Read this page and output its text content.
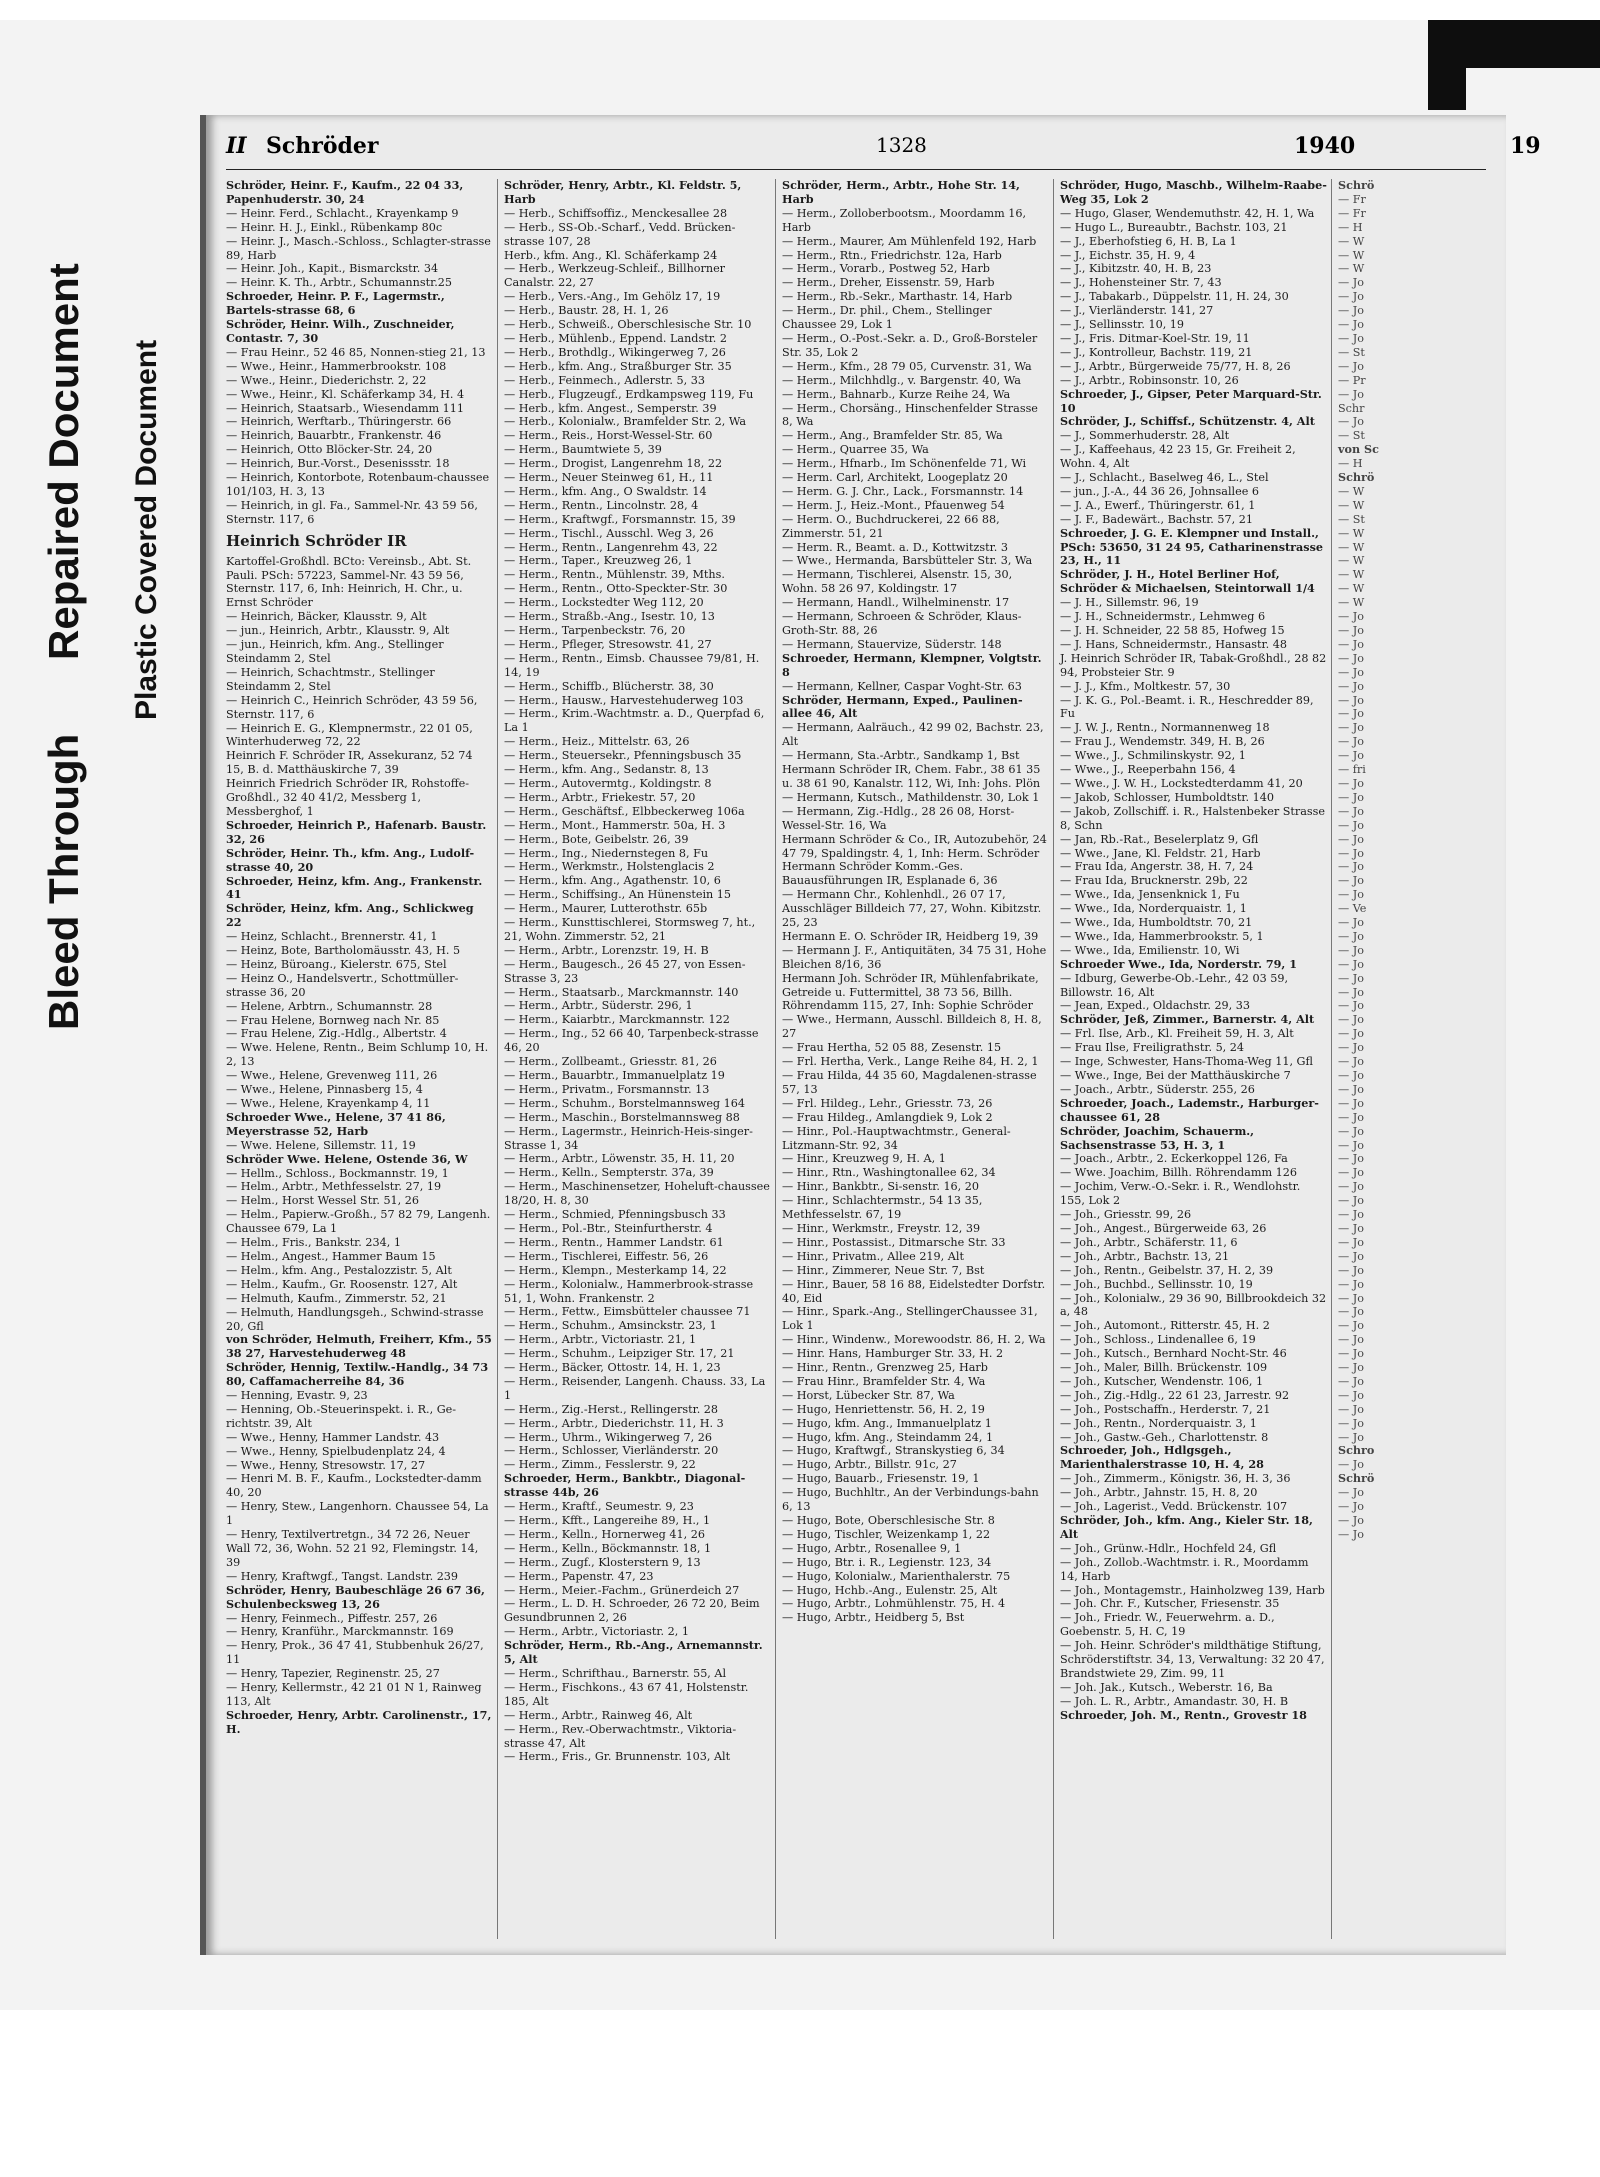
Bleed Through
Repaired Document Plastic Covered Document
II Schröder	1328	1940	19

Schröder, Heinr. F., Kaufm., 22 04 33, Papenhuderstr. 30, 24

— Heinr. Ferd., Schlacht., Krayenkamp 9

— Heinr. H. J., Einkl., Rübenkamp 80c

— Heinr. J., Masch.-Schloss., Schlagter-strasse 89, Harb

— Heinr. Joh., Kapit., Bismarckstr. 34

— Heinr. K. Th., Arbtr., Schumannstr.25

Schroeder, Heinr. P. F., Lagermstr., Bartels-strasse 68, 6

Schröder, Heinr. Wilh., Zuschneider, Contastr. 7, 30

— Frau Heinr., 52 46 85, Nonnen-stieg 21, 13

— Wwe., Heinr., Hammerbrookstr. 108

— Wwe., Heinr., Diederichstr. 2, 22

— Wwe., Heinr., Kl. Schäferkamp 34, H. 4

— Heinrich, Staatsarb., Wiesendamm 111

— Heinrich, Werftarb., Thüringerstr. 66

— Heinrich, Bauarbtr., Frankenstr. 46

— Heinrich, Otto Blöcker-Str. 24, 20

— Heinrich, Bur.-Vorst., Desenissstr. 18

— Heinrich, Kontorbote, Rotenbaum-chaussee 101/103, H. 3, 13

— Heinrich, in gl. Fa., Sammel-Nr. 43 59 56, Sternstr. 117, 6

Heinrich Schröder IR

Kartoffel-Großhdl. BCto: Vereinsb., Abt. St. Pauli. PSch: 57223, Sammel-Nr. 43 59 56, Sternstr. 117, 6, Inh: Heinrich, H. Chr., u. Ernst Schröder

— Heinrich, Bäcker, Klausstr. 9, Alt

— jun., Heinrich, Arbtr., Klausstr. 9, Alt

— jun., Heinrich, kfm. Ang., Stellinger Steindamm 2, Stel

— Heinrich, Schachtmstr., Stellinger Steindamm 2, Stel

— Heinrich C., Heinrich Schröder, 43 59 56, Sternstr. 117, 6

— Heinrich E. G., Klempnermstr., 22 01 05, Winterhuderweg 72, 22

Heinrich F. Schröder IR, Assekuranz, 52 74 15, B. d. Matthäuskirche 7, 39

Heinrich Friedrich Schröder IR, Rohstoffe-Großhdl., 32 40 41/2, Messberg 1, Messberghof, 1

Schroeder, Heinrich P., Hafenarb. Baustr. 32, 26

Schröder, Heinr. Th., kfm. Ang., Ludolf-strasse 40, 20

Schroeder, Heinz, kfm. Ang., Frankenstr. 41

Schröder, Heinz, kfm. Ang., Schlickweg 22

— Heinz, Schlacht., Brennerstr. 41, 1

— Heinz, Bote, Bartholomäusstr. 43, H. 5

— Heinz, Büroang., Kielerstr. 675, Stel

— Heinz O., Handelsvertr., Schottmüller-strasse 36, 20

— Helene, Arbtrn., Schumannstr. 28

— Frau Helene, Bornweg nach Nr. 85

— Frau Helene, Zig.-Hdlg., Albertstr. 4

— Wwe. Helene, Rentn., Beim Schlump 10, H. 2, 13

— Wwe., Helene, Grevenweg 111, 26

— Wwe., Helene, Pinnasberg 15, 4

— Wwe., Helene, Krayenkamp 4, 11

Schroeder Wwe., Helene, 37 41 86, Meyerstrasse 52, Harb

— Wwe. Helene, Sillemstr. 11, 19

Schröder Wwe. Helene, Ostende 36, W

— Hellm., Schloss., Bockmannstr. 19, 1

— Helm., Arbtr., Methfesselstr. 27, 19

— Helm., Horst Wessel Str. 51, 26

— Helm., Papierw.-Großh., 57 82 79, Langenh. Chaussee 679, La 1

— Helm., Fris., Bankstr. 234, 1

— Helm., Angest., Hammer Baum 15

— Helm., kfm. Ang., Pestalozzistr. 5, Alt

— Helm., Kaufm., Gr. Roosenstr. 127, Alt

— Helmuth, Kaufm., Zimmerstr. 52, 21

— Helmuth, Handlungsgeh., Schwind-strasse 20, Gfl

von Schröder, Helmuth, Freiherr, Kfm., 55 38 27, Harvestehuderweg 48

Schröder, Hennig, Textilw.-Handlg., 34 73 80, Caffamacherreihe 84, 36

— Henning, Evastr. 9, 23

— Henning, Ob.-Steuerinspekt. i. R., Ge-richtstr. 39, Alt

— Wwe., Henny, Hammer Landstr. 43

— Wwe., Henny, Spielbudenplatz 24, 4

— Wwe., Henny, Stresowstr. 17, 27

— Henri M. B. F., Kaufm., Lockstedter-damm 40, 20

— Henry, Stew., Langenhorn. Chaussee 54, La 1

— Henry, Textilvertretgn., 34 72 26, Neuer Wall 72, 36, Wohn. 52 21 92, Flemingstr. 14, 39

— Henry, Kraftwgf., Tangst. Landstr. 239

Schröder, Henry, Baubeschläge 26 67 36, Schulenbecksweg 13, 26

— Henry, Feinmech., Piffestr. 257, 26

— Henry, Kranführ., Marckmannstr. 169

— Henry, Prok., 36 47 41, Stubbenhuk 26/27, 11

— Henry, Tapezier, Reginenstr. 25, 27

— Henry, Kellermstr., 42 21 01 N 1, Rainweg 113, Alt

Schroeder, Henry, Arbtr. Carolinenstr., 17, H.

Schröder, Henry, Arbtr., Kl. Feldstr. 5, Harb

— Herb., Schiffsoffiz., Menckesallee 28

— Herb., SS-Ob.-Scharf., Vedd. Brücken-strasse 107, 28

Herb., kfm. Ang., Kl. Schäferkamp 24

— Herb., Werkzeug-Schleif., Billhorner Canalstr. 22, 27

— Herb., Vers.-Ang., Im Gehölz 17, 19

— Herb., Baustr. 28, H. 1, 26

— Herb., Schweiß., Oberschlesische Str. 10

— Herb., Mühlenb., Eppend. Landstr. 2

— Herb., Brothdlg., Wikingerweg 7, 26

— Herb., kfm. Ang., Straßburger Str. 35

— Herb., Feinmech., Adlerstr. 5, 33

— Herb., Flugzeugf., Erdkampsweg 119, Fu

— Herb., kfm. Angest., Semperstr. 39

— Herb., Kolonialw., Bramfelder Str. 2, Wa

— Herm., Reis., Horst-Wessel-Str. 60

— Herm., Baumtwiete 5, 39

— Herm., Drogist, Langenrehm 18, 22

— Herm., Neuer Steinweg 61, H., 11

— Herm., kfm. Ang., O Swaldstr. 14

— Herm., Rentn., Lincolnstr. 28, 4

— Herm., Kraftwgf., Forsmannstr. 15, 39

— Herm., Tischl., Ausschl. Weg 3, 26

— Herm., Rentn., Langenrehm 43, 22

— Herm., Taper., Kreuzweg 26, 1

— Herm., Rentn., Mühlenstr. 39, Mths.

— Herm., Rentn., Otto-Speckter-Str. 30

— Herm., Lockstedter Weg 112, 20

— Herm., Straßb.-Ang., Isestr. 10, 13

— Herm., Tarpenbeckstr. 76, 20

— Herm., Pfleger, Stresowstr. 41, 27

— Herm., Rentn., Eimsb. Chaussee 79/81, H. 14, 19

— Herm., Schiffb., Blücherstr. 38, 30

— Herm., Hausw., Harvestehuderweg 103

— Herm., Krim.-Wachtmstr. a. D., Querpfad 6, La 1

— Herm., Heiz., Mittelstr. 63, 26

— Herm., Steuersekr., Pfenningsbusch 35

— Herm., kfm. Ang., Sedanstr. 8, 13

— Herm., Autovermtg., Koldingstr. 8

— Herm., Arbtr., Friekestr. 57, 20

— Herm., Geschäftsf., Elbbeckerweg 106a

— Herm., Mont., Hammerstr. 50a, H. 3

— Herm., Bote, Geibelstr. 26, 39

— Herm., Ing., Niedernstegen 8, Fu

— Herm., Werkmstr., Holstenglacis 2

— Herm., kfm. Ang., Agathenstr. 10, 6

— Herm., Schiffsing., An Hünenstein 15

— Herm., Maurer, Lutterothstr. 65b

— Herm., Kunsttischlerei, Stormsweg 7, ht., 21, Wohn. Zimmerstr. 52, 21

— Herm., Arbtr., Lorenzstr. 19, H. B

— Herm., Baugesch., 26 45 27, von Essen-Strasse 3, 23

— Herm., Staatsarb., Marckmannstr. 140

— Herm., Arbtr., Süderstr. 296, 1

— Herm., Kaiarbtr., Marckmannstr. 122

— Herm., Ing., 52 66 40, Tarpenbeck-strasse 46, 20

— Herm., Zollbeamt., Griesstr. 81, 26

— Herm., Bauarbtr., Immanuelplatz 19

— Herm., Privatm., Forsmannstr. 13

— Herm., Schuhm., Borstelmannsweg 164

— Herm., Maschin., Borstelmannsweg 88

— Herm., Lagermstr., Heinrich-Heis-singer-Strasse 1, 34

— Herm., Arbtr., Löwenstr. 35, H. 11, 20

— Herm., Kelln., Sempterstr. 37a, 39

— Herm., Maschinensetzer, Hoheluft-chaussee 18/20, H. 8, 30

— Herm., Schmied, Pfenningsbusch 33

— Herm., Pol.-Btr., Steinfurtherstr. 4

— Herm., Rentn., Hammer Landstr. 61

— Herm., Tischlerei, Eiffestr. 56, 26

— Herm., Klempn., Mesterkamp 14, 22

— Herm., Kolonialw., Hammerbrook-strasse 51, 1, Wohn. Frankenstr. 2

— Herm., Fettw., Eimsbütteler chaussee 71

— Herm., Schuhm., Amsinckstr. 23, 1

— Herm., Arbtr., Victoriastr. 21, 1

— Herm., Schuhm., Leipziger Str. 17, 21

— Herm., Bäcker, Ottostr. 14, H. 1, 23

— Herm., Reisender, Langenh. Chauss. 33, La 1

— Herm., Zig.-Herst., Rellingerstr. 28

— Herm., Arbtr., Diederichstr. 11, H. 3

— Herm., Uhrm., Wikingerweg 7, 26

— Herm., Schlosser, Vierländerstr. 20

— Herm., Zimm., Fesslerstr. 9, 22

Schroeder, Herm., Bankbtr., Diagonal-strasse 44b, 26

— Herm., Kraftf., Seumestr. 9, 23

— Herm., Kfft., Langereihe 89, H., 1

— Herm., Kelln., Hornerweg 41, 26

— Herm., Kelln., Böckmannstr. 18, 1

— Herm., Zugf., Klosterstern 9, 13

— Herm., Papenstr. 47, 23

— Herm., Meier.-Fachm., Grünerdeich 27

— Herm., L. D. H. Schroeder, 26 72 20, Beim Gesundbrunnen 2, 26

— Herm., Arbtr., Victoriastr. 2, 1

Schröder, Herm., Rb.-Ang., Arnemannstr. 5, Alt

— Herm., Schrifthau., Barnerstr. 55, Al

— Herm., Fischkons., 43 67 41, Holstenstr. 185, Alt

— Herm., Arbtr., Rainweg 46, Alt

— Herm., Rev.-Oberwachtmstr., Viktoria-strasse 47, Alt

— Herm., Fris., Gr. Brunnenstr. 103, Alt

Schröder, Herm., Arbtr., Hohe Str. 14, Harb

— Herm., Zolloberbootsm., Moordamm 16, Harb

— Herm., Maurer, Am Mühlenfeld 192, Harb

— Herm., Rtn., Friedrichstr. 12a, Harb

— Herm., Vorarb., Postweg 52, Harb

— Herm., Dreher, Eissenstr. 59, Harb

— Herm., Rb.-Sekr., Marthastr. 14, Harb

— Herm., Dr. phil., Chem., Stellinger Chaussee 29, Lok 1

— Herm., O.-Post.-Sekr. a. D., Groß-Borsteler Str. 35, Lok 2

— Herm., Kfm., 28 79 05, Curvenstr. 31, Wa

— Herm., Milchhdlg., v. Bargenstr. 40, Wa

— Herm., Bahnarb., Kurze Reihe 24, Wa

— Herm., Chorsäng., Hinschenfelder Strasse 8, Wa

— Herm., Ang., Bramfelder Str. 85, Wa

— Herm., Quarree 35, Wa

— Herm., Hfnarb., Im Schönenfelde 71, Wi

— Herm. Carl, Architekt, Loogeplatz 20

— Herm. G. J. Chr., Lack., Forsmannstr. 14

— Herm. J., Heiz.-Mont., Pfauenweg 54

— Herm. O., Buchdruckerei, 22 66 88, Zimmerstr. 51, 21

— Herm. R., Beamt. a. D., Kottwitzstr. 3

— Wwe., Hermanda, Barsbütteler Str. 3, Wa

— Hermann, Tischlerei, Alsenstr. 15, 30, Wohn. 58 26 97, Koldingstr. 17

— Hermann, Handl., Wilhelminenstr. 17

— Hermann, Schroeen & Schröder, Klaus-Groth-Str. 88, 26

— Hermann, Stauervize, Süderstr. 148

Schroeder, Hermann, Klempner, Volgtstr. 8

— Hermann, Kellner, Caspar Voght-Str. 63

Schröder, Hermann, Exped., Paulinen-allee 46, Alt

— Hermann, Aalräuch., 42 99 02, Bachstr. 23, Alt

— Hermann, Sta.-Arbtr., Sandkamp 1, Bst

Hermann Schröder IR, Chem. Fabr., 38 61 35 u. 38 61 90, Kanalstr. 112, Wi, Inh: Johs. Plön

— Hermann, Kutsch., Mathildenstr. 30, Lok 1

— Hermann, Zig.-Hdlg., 28 26 08, Horst-Wessel-Str. 16, Wa

Hermann Schröder & Co., IR, Autozubehör, 24 47 79, Spaldingstr. 4, 1, Inh: Herm. Schröder

Hermann Schröder Komm.-Ges. Bauausführungen IR, Esplanade 6, 36

— Hermann Chr., Kohlenhdl., 26 07 17, Ausschläger Billdeich 77, 27, Wohn. Kibitzstr. 25, 23

Hermann E. O. Schröder IR, Heidberg 19, 39

— Hermann J. F., Antiquitäten, 34 75 31, Hohe Bleichen 8/16, 36

Hermann Joh. Schröder IR, Mühlenfabrikate, Getreide u. Futtermittel, 38 73 56, Billh. Röhrendamm 115, 27, Inh: Sophie Schröder

— Wwe., Hermann, Ausschl. Billdeich 8, H. 8, 27

— Frau Hertha, 52 05 88, Zesenstr. 15

— Frl. Hertha, Verk., Lange Reihe 84, H. 2, 1

— Frau Hilda, 44 35 60, Magdalenen-strasse 57, 13

— Frl. Hildeg., Lehr., Griesstr. 73, 26

— Frau Hildeg., Amlangdiek 9, Lok 2

— Hinr., Pol.-Hauptwachtmstr., General-Litzmann-Str. 92, 34

— Hinr., Kreuzweg 9, H. A, 1

— Hinr., Rtn., Washingtonallee 62, 34

— Hinr., Bankbtr., Si-senstr. 16, 20

— Hinr., Schlachtermstr., 54 13 35, Methfesselstr. 67, 19

— Hinr., Werkmstr., Freystr. 12, 39

— Hinr., Postassist., Ditmarsche Str. 33

— Hinr., Privatm., Allee 219, Alt

— Hinr., Zimmerer, Neue Str. 7, Bst

— Hinr., Bauer, 58 16 88, Eidelstedter Dorfstr. 40, Eid

— Hinr., Spark.-Ang., StellingerChaussee 31, Lok 1

— Hinr., Windenw., Morewoodstr. 86, H. 2, Wa

— Hinr. Hans, Hamburger Str. 33, H. 2

— Hinr., Rentn., Grenzweg 25, Harb

— Frau Hinr., Bramfelder Str. 4, Wa

— Horst, Lübecker Str. 87, Wa

— Hugo, Henriettenstr. 56, H. 2, 19

— Hugo, kfm. Ang., Immanuelplatz 1

— Hugo, kfm. Ang., Steindamm 24, 1

— Hugo, Kraftwgf., Stranskystieg 6, 34

— Hugo, Arbtr., Billstr. 91c, 27

— Hugo, Bauarb., Friesenstr. 19, 1

— Hugo, Buchhltr., An der Verbindungs-bahn 6, 13

— Hugo, Bote, Oberschlesische Str. 8

— Hugo, Tischler, Weizenkamp 1, 22

— Hugo, Arbtr., Rosenallee 9, 1

— Hugo, Btr. i. R., Legienstr. 123, 34

— Hugo, Kolonialw., Marienthalerstr. 75

— Hugo, Hchb.-Ang., Eulenstr. 25, Alt

— Hugo, Arbtr., Lohmühlenstr. 75, H. 4

— Hugo, Arbtr., Heidberg 5, Bst

Schröder, Hugo, Maschb., Wilhelm-Raabe-Weg 35, Lok 2

— Hugo, Glaser, Wendemuthstr. 42, H. 1, Wa

— Hugo L., Bureaubtr., Bachstr. 103, 21

— J., Eberhofstieg 6, H. B, La 1

— J., Eichstr. 35, H. 9, 4

— J., Kibitzstr. 40, H. B, 23

— J., Hohensteiner Str. 7, 43

— J., Tabakarb., Düppelstr. 11, H. 24, 30

— J., Vierländerstr. 141, 27

— J., Sellinsstr. 10, 19

— J., Fris. Ditmar-Koel-Str. 19, 11

— J., Kontrolleur, Bachstr. 119, 21

— J., Arbtr., Bürgerweide 75/77, H. 8, 26

— J., Arbtr., Robinsonstr. 10, 26

Schroeder, J., Gipser, Peter Marquard-Str. 10

Schröder, J., Schiffsf., Schützenstr. 4, Alt

— J., Sommerhuderstr. 28, Alt

— J., Kaffeehaus, 42 23 15, Gr. Freiheit 2, Wohn. 4, Alt

— J., Schlacht., Baselweg 46, L., Stel

— jun., J.-A., 44 36 26, Johnsallee 6

— J. A., Ewerf., Thüringerstr. 61, 1

— J. F., Badewärt., Bachstr. 57, 21

Schroeder, J. G. E. Klempner und Install., PSch: 53650, 31 24 95, Catharinenstrasse 23, H., 11

Schröder, J. H., Hotel Berliner Hof, Schröder & Michaelsen, Steintorwall 1/4

— J. H., Sillemstr. 96, 19

— J. H., Schneidermstr., Lehmweg 6

— J. H. Schneider, 22 58 85, Hofweg 15

— J. Hans, Schneidermstr., Hansastr. 48

J. Heinrich Schröder IR, Tabak-Großhdl., 28 82 94, Probsteier Str. 9

— J. J., Kfm., Moltkestr. 57, 30

— J. K. G., Pol.-Beamt. i. R., Heschredder 89, Fu

— J. W. J., Rentn., Normannenweg 18

— Frau J., Wendemstr. 349, H. B, 26

— Wwe., J., Schmilinskystr. 92, 1

— Wwe., J., Reeperbahn 156, 4

— Wwe., J. W. H., Lockstedterdamm 41, 20

— Jakob, Schlosser, Humboldtstr. 140

— Jakob, Zollschiff. i. R., Halstenbeker Strasse 8, Schn

— Jan, Rb.-Rat., Beselerplatz 9, Gfl

— Wwe., Jane, Kl. Feldstr. 21, Harb

— Frau Ida, Angerstr. 38, H. 7, 24

— Frau Ida, Brucknerstr. 29b, 22

— Wwe., Ida, Jensenknick 1, Fu

— Wwe., Ida, Norderquaistr. 1, 1

— Wwe., Ida, Humboldtstr. 70, 21

— Wwe., Ida, Hammerbrookstr. 5, 1

— Wwe., Ida, Emilienstr. 10, Wi

Schroeder Wwe., Ida, Norderstr. 79, 1

— Idburg, Gewerbe-Ob.-Lehr., 42 03 59, Billowstr. 16, Alt

— Jean, Exped., Oldachstr. 29, 33

Schröder, Jeß, Zimmer., Barnerstr. 4, Alt

— Frl. Ilse, Arb., Kl. Freiheit 59, H. 3, Alt

— Frau Ilse, Freiligrathstr. 5, 24

— Inge, Schwester, Hans-Thoma-Weg 11, Gfl

— Wwe., Inge, Bei der Matthäuskirche 7

— Joach., Arbtr., Süderstr. 255, 26

Schroeder, Joach., Lademstr., Harburger-chaussee 61, 28

Schröder, Joachim, Schauerm., Sachsenstrasse 53, H. 3, 1

— Joach., Arbtr., 2. Eckerkoppel 126, Fa

— Wwe. Joachim, Billh. Röhrendamm 126

— Jochim, Verw.-O.-Sekr. i. R., Wendlohstr. 155, Lok 2

— Joh., Griesstr. 99, 26

— Joh., Angest., Bürgerweide 63, 26

— Joh., Arbtr., Schäferstr. 11, 6

— Joh., Arbtr., Bachstr. 13, 21

— Joh., Rentn., Geibelstr. 37, H. 2, 39

— Joh., Buchbd., Sellinsstr. 10, 19

— Joh., Kolonialw., 29 36 90, Billbrookdeich 32 a, 48

— Joh., Automont., Ritterstr. 45, H. 2

— Joh., Schloss., Lindenallee 6, 19

— Joh., Kutsch., Bernhard Nocht-Str. 46

— Joh., Maler, Billh. Brückenstr. 109

— Joh., Kutscher, Wendenstr. 106, 1

— Joh., Zig.-Hdlg., 22 61 23, Jarrestr. 92

— Joh., Postschaffn., Herderstr. 7, 21

— Joh., Rentn., Norderquaistr. 3, 1

— Joh., Gastw.-Geh., Charlottenstr. 8

Schroeder, Joh., Hdlgsgeh., Marienthalerstrasse 10, H. 4, 28

— Joh., Zimmerm., Königstr. 36, H. 3, 36

— Joh., Arbtr., Jahnstr. 15, H. 8, 20

— Joh., Lagerist., Vedd. Brückenstr. 107

Schröder, Joh., kfm. Ang., Kieler Str. 18, Alt

— Joh., Grünw.-Hdlr., Hochfeld 24, Gfl

— Joh., Zollob.-Wachtmstr. i. R., Moordamm 14, Harb

— Joh., Montagemstr., Hainholzweg 139, Harb

— Joh. Chr. F., Kutscher, Friesenstr. 35

— Joh., Friedr. W., Feuerwehrm. a. D., Goebenstr. 5, H. C, 19

— Joh. Heinr. Schröder's mildthätige Stiftung, Schröderstiftstr. 34, 13, Verwaltung: 32 20 47, Brandstwiete 29, Zim. 99, 11

— Joh. Jak., Kutsch., Weberstr. 16, Ba

— Joh. L. R., Arbtr., Amandastr. 30, H. B

Schroeder, Joh. M., Rentn., Grovestr 18

Schrö

— Fr

— Fr

— H

— W

— W

— W

— Jo

— Jo

— Jo

— Jo

— Jo

— St

— Jo

— Pr

— Jo

Schr

— Jo

— St

von Sc

— H

Schrö

— W

— W

— St

— W

— W

— W

— W

— W

— W

— Jo

— Jo

— Jo

— Jo

— Jo

— Jo

— Jo

— Jo

— Jo

— Jo

— Jo

— fri

— Jo

— Jo

— Jo

— Jo

— Jo

— Jo

— Jo

— Jo

— Jo

— Ve

— Jo

— Jo

— Jo

— Jo

— Jo

— Jo

— Jo

— Jo

— Jo

— Jo

— Jo

— Jo

— Jo

— Jo

— Jo

— Jo

— Jo

— Jo

— Jo

— Jo

— Jo

— Jo

— Jo

— Jo

— Jo

— Jo

— Jo

— Jo

— Jo

— Jo

— Jo

— Jo

— Jo

— Jo

— Jo

— Jo

— Jo

— Jo

Schro

— Jo

Schrö

— Jo

— Jo

— Jo

— Jo
